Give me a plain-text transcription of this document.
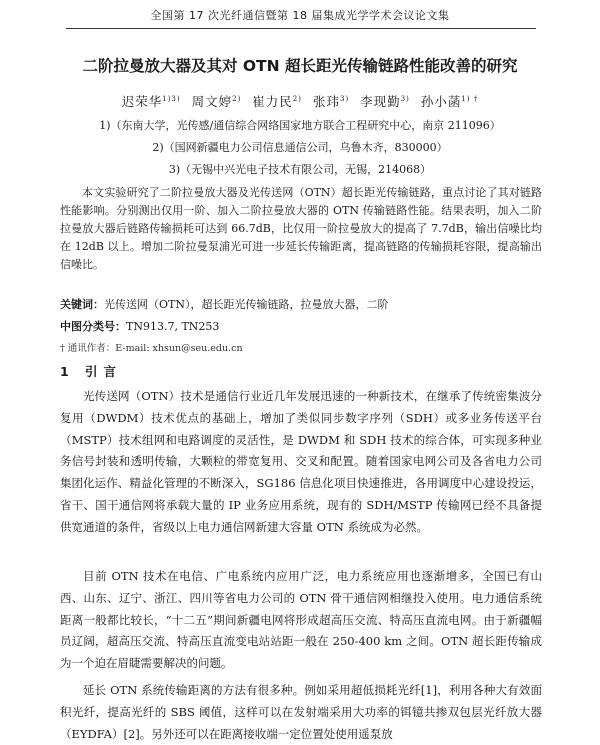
全国第 17 次光纤通信暨第 18 届集成光学学术会议论文集
二阶拉曼放大器及其对 OTN 超长距光传输链路性能改善的研究
迟荣华$^{1)3)}$ 周文婷$^{2)}$ 崔力民$^{2)}$ 张玮$^{3)}$ 李现勤$^{3)}$ 孙小菡$^{1) \dagger}$
1)（东南大学，光传感/通信综合网络国家地方联合工程研究中心，南京 211096）
2)（国网新疆电力公司信息通信公司，乌鲁木齐，830000）
3)（无锡中兴光电子技术有限公司，无锡，214068）

本文实验研究了二阶拉曼放大器及光传送网（OTN）超长距光传输链路，重点讨论了其对链路性能影响。分别测出仅用一阶、加入二阶拉曼放大器的 OTN 传输链路性能。结果表明，加入二阶拉曼放大器后链路传输损耗可达到 66.7dB，比仅用一阶拉曼放大的提高了 7.7dB，输出信噪比均在 12dB 以上。增加二阶拉曼泵浦光可进一步延长传输距离，提高链路的传输损耗容限，提高输出信噪比。

关键词：光传送网（OTN），超长距光传输链路，拉曼放大器，二阶
中图分类号：TN913.7, TN253
† 通讯作者：E-mail: xhsun@seu.edu.cn
1 引言

光传送网（OTN）技术是通信行业近几年发展迅速的一种新技术，在继承了传统密集波分复用（DWDM）技术优点的基础上，增加了类似同步数字序列（SDH）或多业务传送平台（MSTP）技术组网和电路调度的灵活性，是 DWDM 和 SDH 技术的综合体，可实现多种业务信号封装和透明传输，大颗粒的带宽复用、交叉和配置。随着国家电网公司及各省电力公司集团化运作、精益化管理的不断深入，SG186 信息化项目快速推进，各用调度中心建设投运，省干、国干通信网将承载大量的 IP 业务应用系统，现有的 SDH/MSTP 传输网已经不具备提供宽通道的条件，省级以上电力通信网新建大容量 OTN 系统成为必然。

目前 OTN 技术在电信、广电系统内应用广泛，电力系统应用也逐渐增多，全国已有山西、山东、辽宁、浙江、四川等省电力公司的 OTN 骨干通信网相继投入使用。电力通信系统距离一般都比较长，“十二五”期间新疆电网将形成超高压交流、特高压直流电网。由于新疆幅员辽阔，超高压交流、特高压直流变电站站距一般在 250-400 km 之间。OTN 超长距传输成为一个迫在眉睫需要解决的问题。

延长 OTN 系统传输距离的方法有很多种。例如采用超低损耗光纤[1]，利用各种大有效面积光纤，提高光纤的 SBS 阈值，这样可以在发射端采用大功率的铒镱共掺双包层光纤放大器（EYDFA）[2]。另外还可以在距离接收端一定位置处使用遥泵放
